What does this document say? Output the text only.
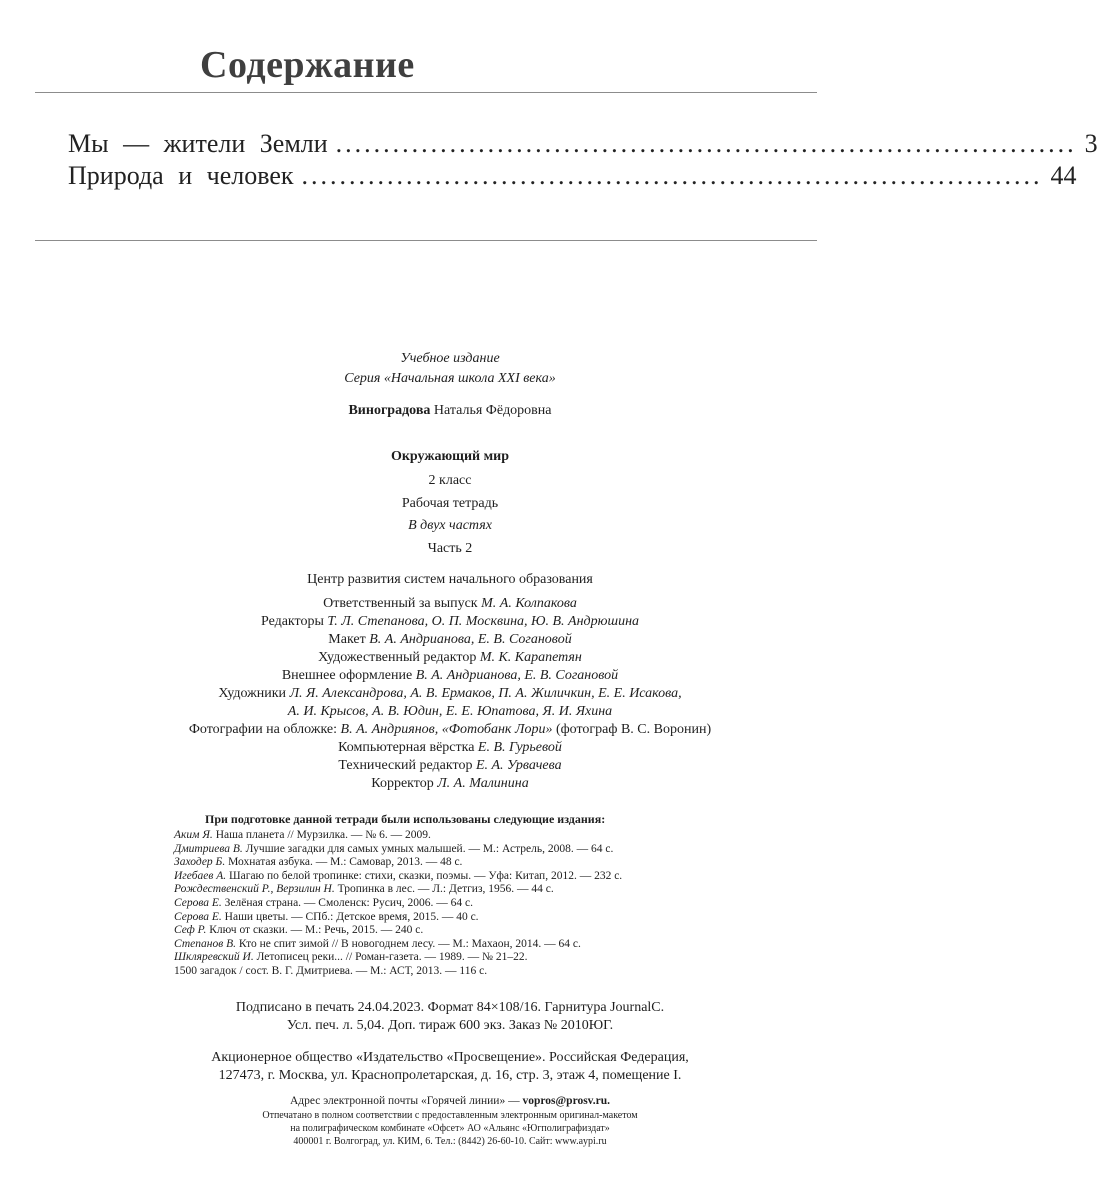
Содержание
Мы — жители Земли .............................................................................. 3
Природа и человек .............................................................................. 44
Учебное издание
Серия «Начальная школа XXI века»
Виноградова Наталья Фёдоровна
Окружающий мир
2 класс
Рабочая тетрадь
В двух частях
Часть 2
Центр развития систем начального образования
Ответственный за выпуск М. А. Колпакова
Редакторы Т. Л. Степанова, О. П. Москвина, Ю. В. Андрюшина
Макет В. А. Андрианова, Е. В. Согановой
Художественный редактор М. К. Карапетян
Внешнее оформление В. А. Андрианова, Е. В. Согановой
Художники Л. Я. Александрова, А. В. Ермаков, П. А. Жиличкин, Е. Е. Исакова,
А. И. Крысов, А. В. Юдин, Е. Е. Юпатова, Я. И. Яхина
Фотографии на обложке: В. А. Андриянов, «Фотобанк Лори» (фотограф В. С. Воронин)
Компьютерная вёрстка Е. В. Гурьевой
Технический редактор Е. А. Урвачева
Корректор Л. А. Малинина
При подготовке данной тетради были использованы следующие издания:
Аким Я. Наша планета // Мурзилка. — № 6. — 2009.
Дмитриева В. Лучшие загадки для самых умных малышей. — М.: Астрель, 2008. — 64 с.
Заходер Б. Мохнатая азбука. — М.: Самовар, 2013. — 48 с.
Игебаев А. Шагаю по белой тропинке: стихи, сказки, поэмы. — Уфа: Китап, 2012. — 232 с.
Рождественский Р., Верзилин Н. Тропинка в лес. — Л.: Детгиз, 1956. — 44 с.
Серова Е. Зелёная страна. — Смоленск: Русич, 2006. — 64 с.
Серова Е. Наши цветы. — СПб.: Детское время, 2015. — 40 с.
Сеф Р. Ключ от сказки. — М.: Речь, 2015. — 240 с.
Степанов В. Кто не спит зимой // В новогоднем лесу. — М.: Махаон, 2014. — 64 с.
Шкляревский И. Летописец реки... // Роман-газета. — 1989. — № 21–22.
1500 загадок / сост. В. Г. Дмитриева. — М.: АСТ, 2013. — 116 с.
Подписано в печать 24.04.2023. Формат 84×108/16. Гарнитура JournalC.
Усл. печ. л. 5,04. Доп. тираж 600 экз. Заказ № 2010ЮГ.
Акционерное общество «Издательство «Просвещение». Российская Федерация,
127473, г. Москва, ул. Краснопролетарская, д. 16, стр. 3, этаж 4, помещение I.
Адрес электронной почты «Горячей линии» — vopros@prosv.ru.
Отпечатано в полном соответствии с предоставленным электронным оригинал-макетом
на полиграфическом комбинате «Офсет» АО «Альянс «Югполиграфиздат»
400001 г. Волгоград, ул. КИМ, 6. Тел.: (8442) 26-60-10. Сайт: www.aypi.ru
